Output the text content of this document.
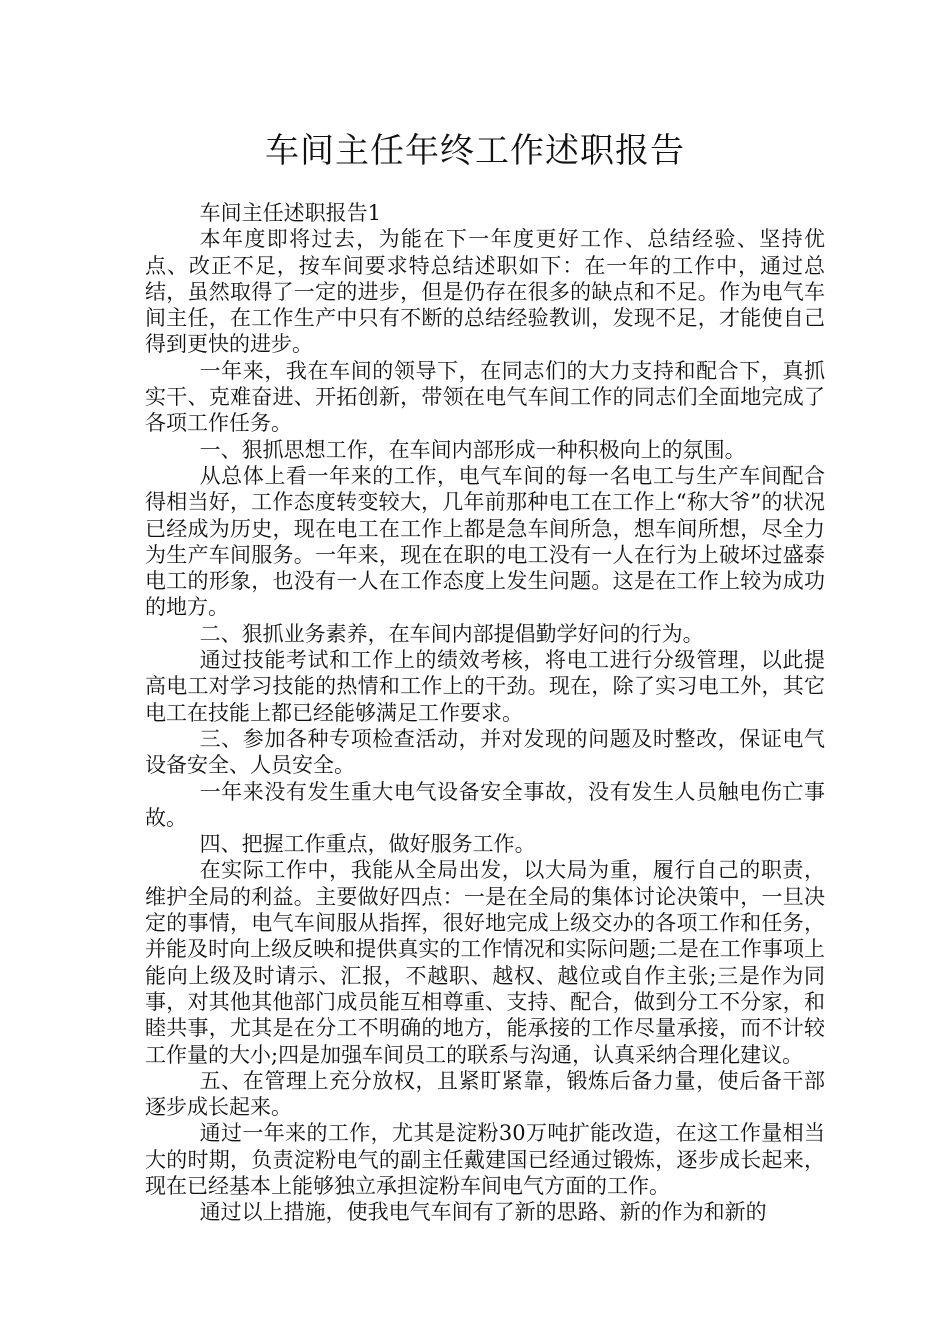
车间主任年终工作述职报告

车间主任述职报告1

本年度即将过去，为能在下一年度更好工作、总结经验、坚持优点、改正不足，按车间要求特总结述职如下：在一年的工作中，通过总结，虽然取得了一定的进步，但是仍存在很多的缺点和不足。作为电气车间主任，在工作生产中只有不断的总结经验教训，发现不足，才能使自己得到更快的进步。

一年来，我在车间的领导下，在同志们的大力支持和配合下，真抓实干、克难奋进、开拓创新，带领在电气车间工作的同志们全面地完成了各项工作任务。

一、狠抓思想工作，在车间内部形成一种积极向上的氛围。

从总体上看一年来的工作，电气车间的每一名电工与生产车间配合得相当好，工作态度转变较大，几年前那种电工在工作上“称大爷”的状况已经成为历史，现在电工在工作上都是急车间所急，想车间所想，尽全力为生产车间服务。一年来，现在在职的电工没有一人在行为上破坏过盛泰电工的形象，也没有一人在工作态度上发生问题。这是在工作上较为成功的地方。

二、狠抓业务素养，在车间内部提倡勤学好问的行为。

通过技能考试和工作上的绩效考核，将电工进行分级管理，以此提高电工对学习技能的热情和工作上的干劲。现在，除了实习电工外，其它电工在技能上都已经能够满足工作要求。

三、参加各种专项检查活动，并对发现的问题及时整改，保证电气设备安全、人员安全。

一年来没有发生重大电气设备安全事故，没有发生人员触电伤亡事故。

四、把握工作重点，做好服务工作。

在实际工作中，我能从全局出发，以大局为重，履行自己的职责，维护全局的利益。主要做好四点：一是在全局的集体讨论决策中，一旦决定的事情，电气车间服从指挥，很好地完成上级交办的各项工作和任务，并能及时向上级反映和提供真实的工作情况和实际问题;二是在工作事项上能向上级及时请示、汇报，不越职、越权、越位或自作主张;三是作为同事，对其他其他部门成员能互相尊重、支持、配合，做到分工不分家，和睦共事，尤其是在分工不明确的地方，能承接的工作尽量承接，而不计较工作量的大小;四是加强车间员工的联系与沟通，认真采纳合理化建议。

五、在管理上充分放权，且紧盯紧靠，锻炼后备力量，使后备干部逐步成长起来。

通过一年来的工作，尤其是淀粉30万吨扩能改造，在这工作量相当大的时期，负责淀粉电气的副主任戴建国已经通过锻炼，逐步成长起来，现在已经基本上能够独立承担淀粉车间电气方面的工作。

通过以上措施，使我电气车间有了新的思路、新的作为和新的
